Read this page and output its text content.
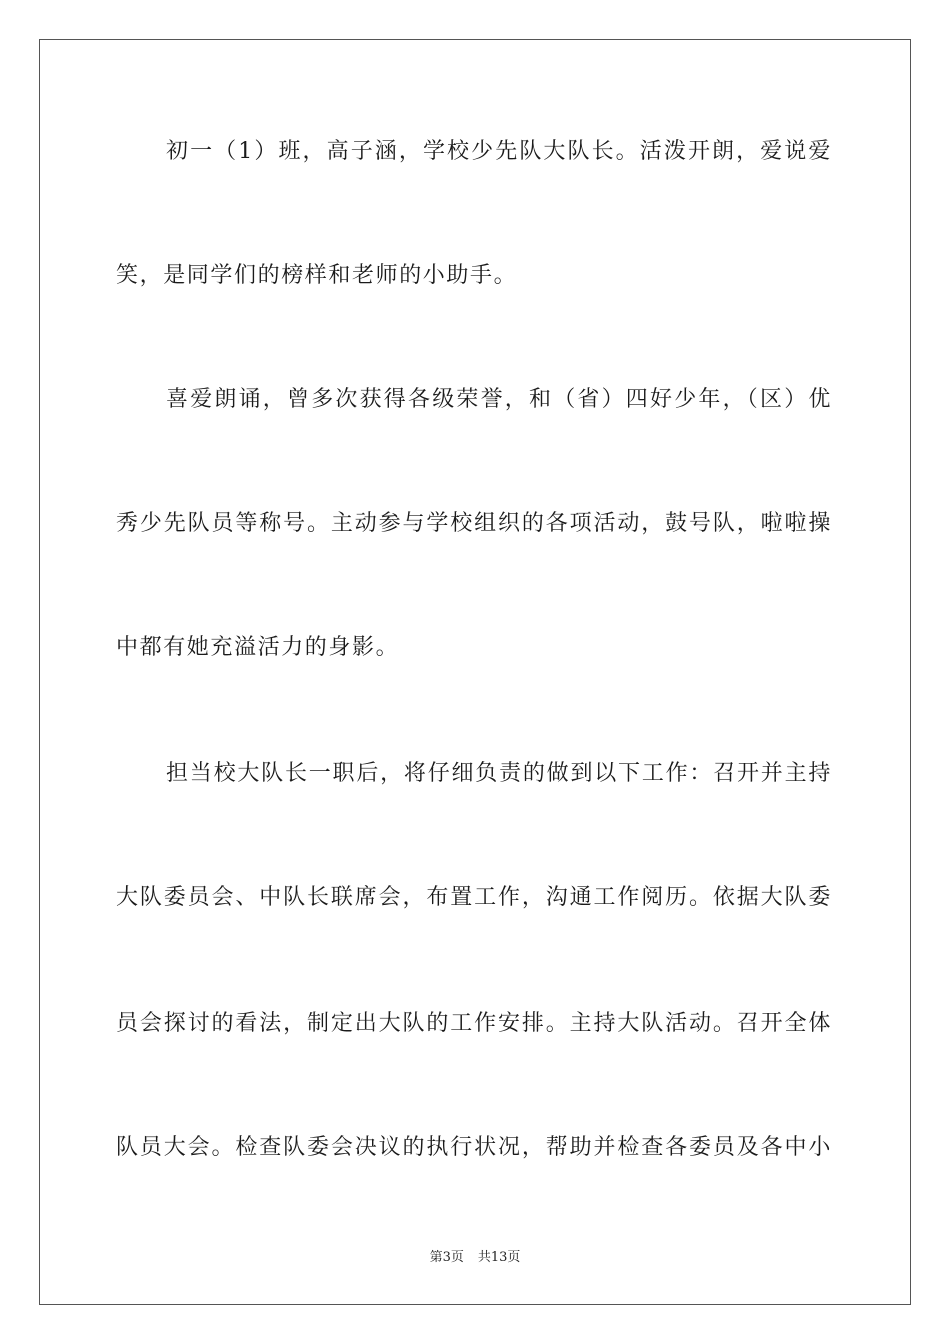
初一（1）班，高子涵，学校少先队大队长。活泼开朗，爱说爱
笑，是同学们的榜样和老师的小助手。
喜爱朗诵，曾多次获得各级荣誉，和（省）四好少年，（区）优
秀少先队员等称号。主动参与学校组织的各项活动，鼓号队，啦啦操
中都有她充溢活力的身影。
担当校大队长一职后，将仔细负责的做到以下工作：召开并主持
大队委员会、中队长联席会，布置工作，沟通工作阅历。依据大队委
员会探讨的看法，制定出大队的工作安排。主持大队活动。召开全体
队员大会。检查队委会决议的执行状况，帮助并检查各委员及各中小
第3页 共13页
